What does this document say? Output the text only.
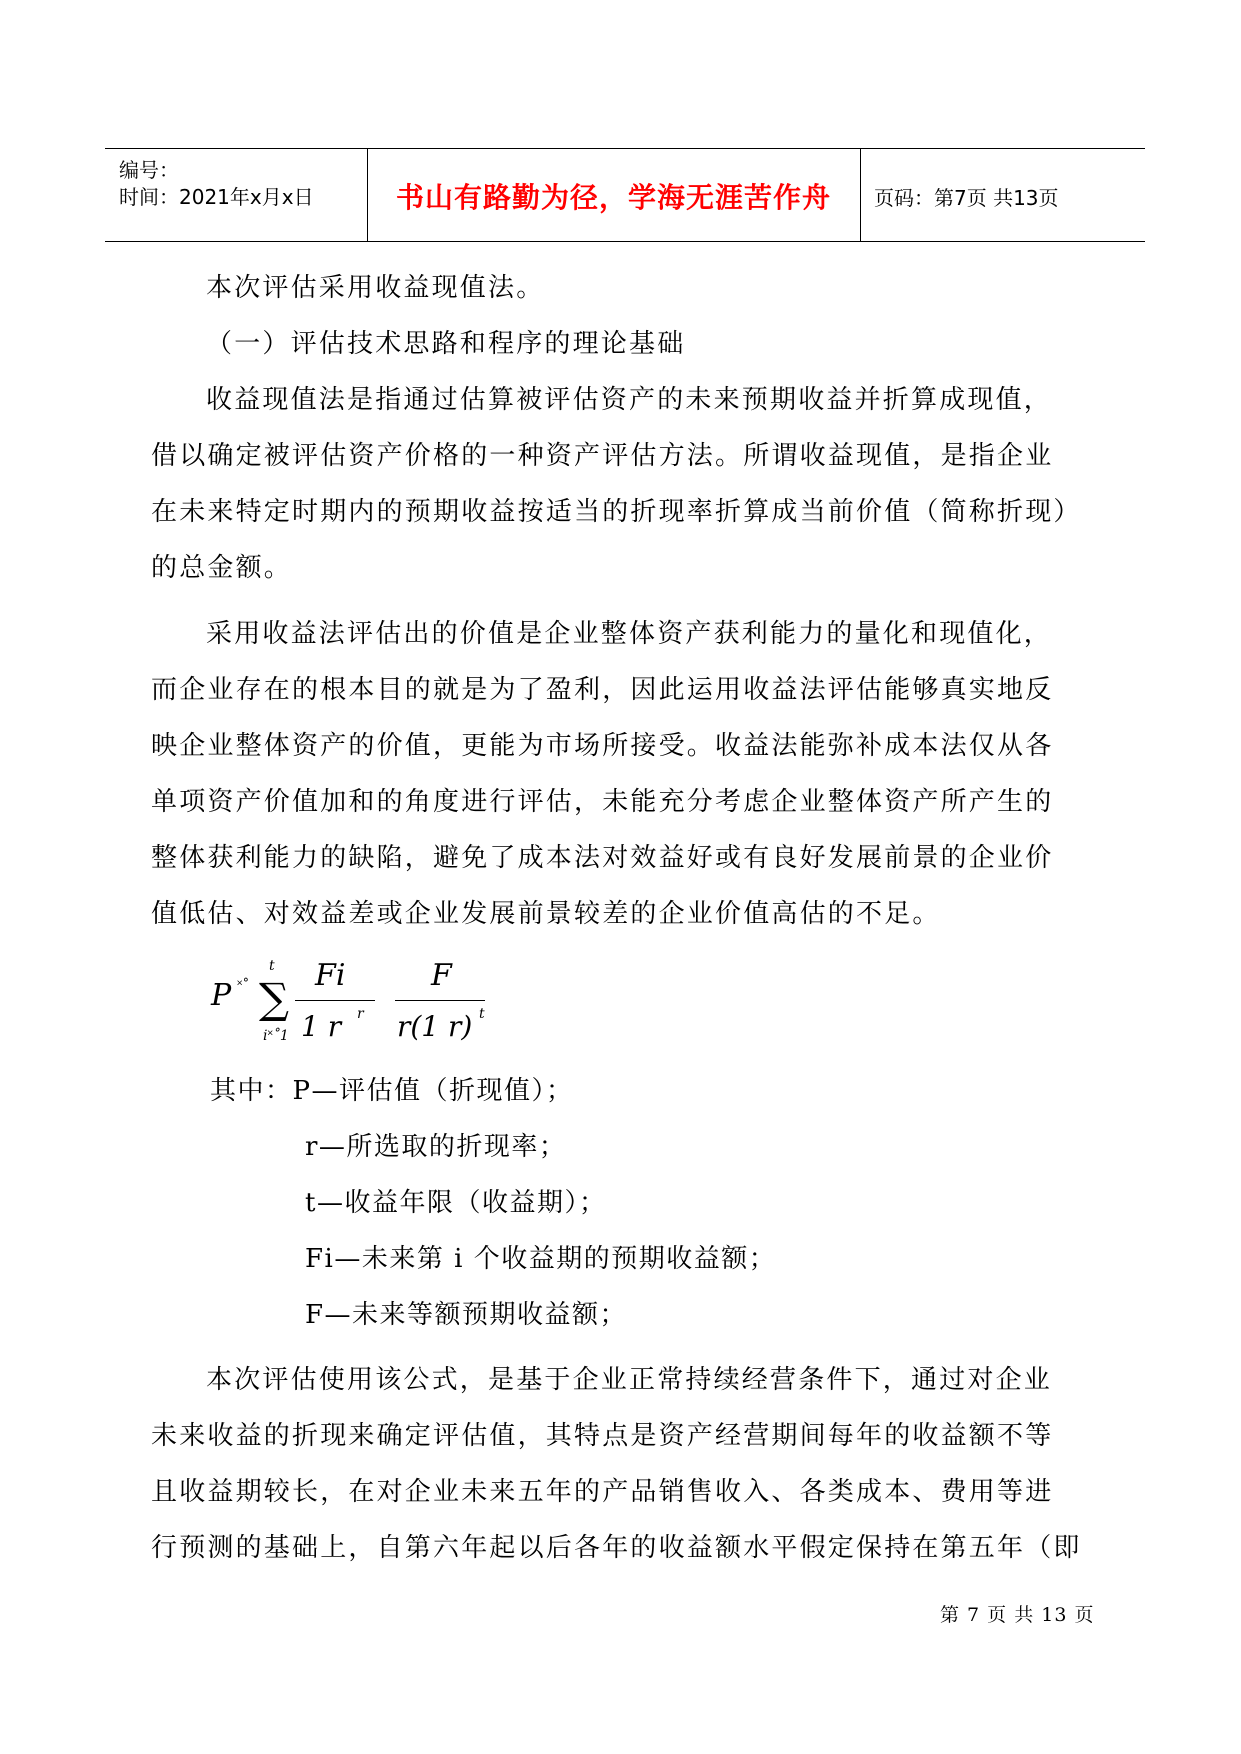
编号：
时间：2021年x月x日	书山有路勤为径，学海无涯苦作舟	页码：第7页 共13页
本次评估采用收益现值法。
（一）评估技术思路和程序的理论基础
收益现值法是指通过估算被评估资产的未来预期收益并折算成现值，
借以确定被评估资产价格的一种资产评估方法。所谓收益现值，是指企业
在未来特定时期内的预期收益按适当的折现率折算成当前价值（简称折现）
的总金额。
采用收益法评估出的价值是企业整体资产获利能力的量化和现值化，
而企业存在的根本目的就是为了盈利，因此运用收益法评估能够真实地反
映企业整体资产的价值，更能为市场所接受。收益法能弥补成本法仅从各
单项资产价值加和的角度进行评估，未能充分考虑企业整体资产所产生的
整体获利能力的缺陷，避免了成本法对效益好或有良好发展前景的企业价
值低估、对效益差或企业发展前景较差的企业价值高估的不足。
P ˟˚ ∑
t
i˟˚1
Fi
1 r r
F
r(1 r) t
其中：P—评估值（折现值）；
r—所选取的折现率；
t—收益年限（收益期）；
Fi—未来第 i 个收益期的预期收益额；
F—未来等额预期收益额；
本次评估使用该公式，是基于企业正常持续经营条件下，通过对企业
未来收益的折现来确定评估值，其特点是资产经营期间每年的收益额不等
且收益期较长，在对企业未来五年的产品销售收入、各类成本、费用等进
行预测的基础上，自第六年起以后各年的收益额水平假定保持在第五年（即
第 7 页 共 13 页
